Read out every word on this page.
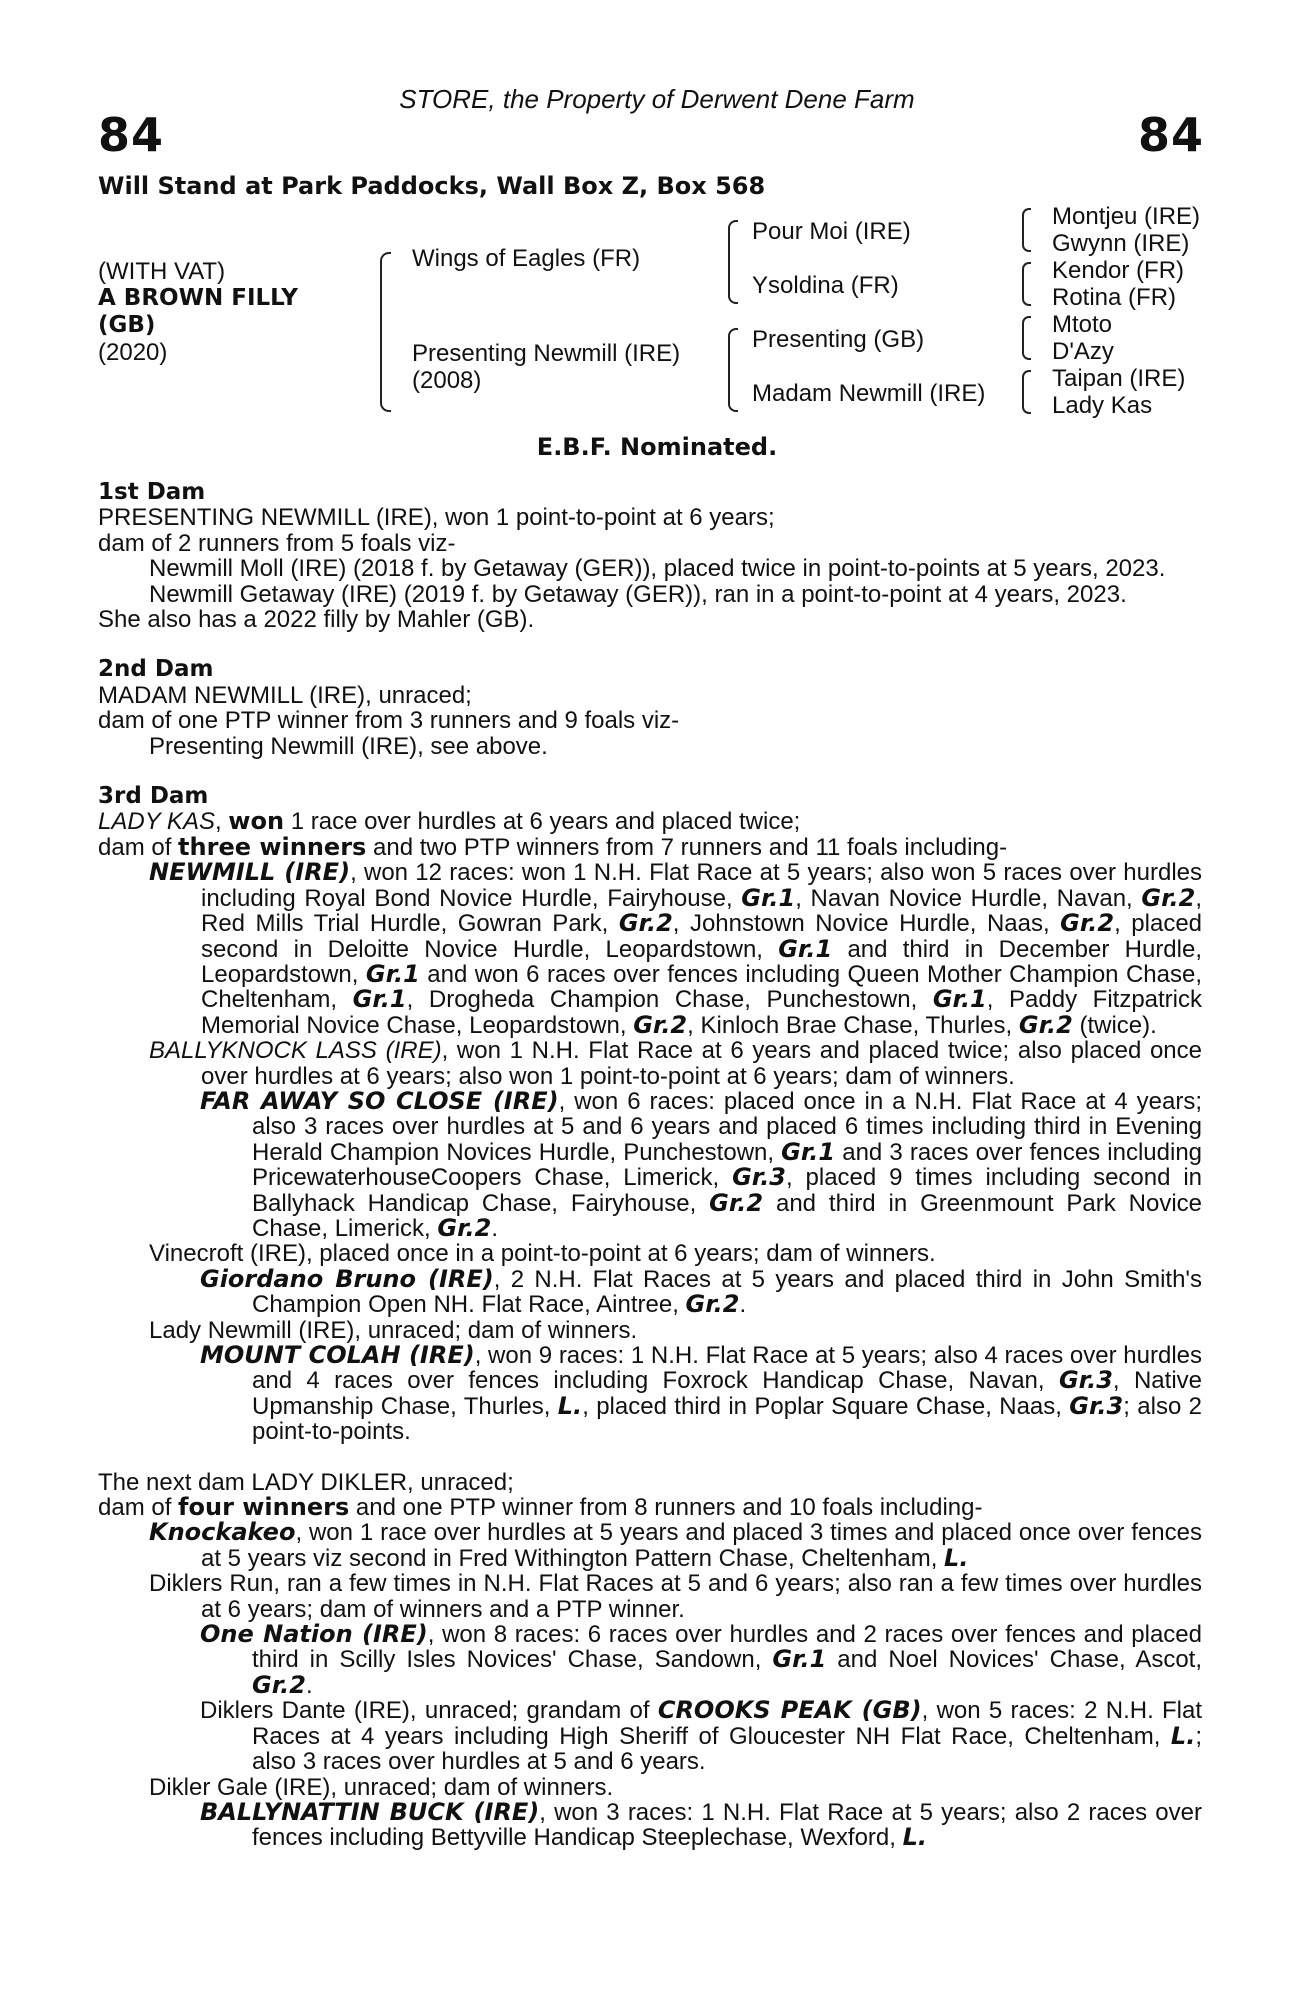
STORE, the Property of Derwent Dene Farm
84	84
Will Stand at Park Paddocks, Wall Box Z, Box 568
(WITH VAT)
A BROWN FILLY
(GB)
(2020)
Wings of Eagles (FR)
Presenting Newmill (IRE)
(2008)
Pour Moi (IRE)
Ysoldina (FR)
Presenting (GB)
Madam Newmill (IRE)
Montjeu (IRE)
Gwynn (IRE)
Kendor (FR)
Rotina (FR)
Mtoto
D'Azy
Taipan (IRE)
Lady Kas
E.B.F. Nominated.
1st Dam
PRESENTING NEWMILL (IRE), won 1 point-to-point at 6 years;
dam of 2 runners from 5 foals viz-
Newmill Moll (IRE) (2018 f. by Getaway (GER)), placed twice in point-to-points at 5 years, 2023.
Newmill Getaway (IRE) (2019 f. by Getaway (GER)), ran in a point-to-point at 4 years, 2023.
She also has a 2022 filly by Mahler (GB).
2nd Dam
MADAM NEWMILL (IRE), unraced;
dam of one PTP winner from 3 runners and 9 foals viz-
Presenting Newmill (IRE), see above.
3rd Dam
LADY KAS, won 1 race over hurdles at 6 years and placed twice;
dam of three winners and two PTP winners from 7 runners and 11 foals including-
NEWMILL (IRE), won 12 races: won 1 N.H. Flat Race at 5 years; also won 5 races over hurdles including Royal Bond Novice Hurdle, Fairyhouse, Gr.1, Navan Novice Hurdle, Navan, Gr.2, Red Mills Trial Hurdle, Gowran Park, Gr.2, Johnstown Novice Hurdle, Naas, Gr.2, placed second in Deloitte Novice Hurdle, Leopardstown, Gr.1 and third in December Hurdle, Leopardstown, Gr.1 and won 6 races over fences including Queen Mother Champion Chase, Cheltenham, Gr.1, Drogheda Champion Chase, Punchestown, Gr.1, Paddy Fitzpatrick Memorial Novice Chase, Leopardstown, Gr.2, Kinloch Brae Chase, Thurles, Gr.2 (twice).
BALLYKNOCK LASS (IRE), won 1 N.H. Flat Race at 6 years and placed twice; also placed once over hurdles at 6 years; also won 1 point-to-point at 6 years; dam of winners.
FAR AWAY SO CLOSE (IRE), won 6 races: placed once in a N.H. Flat Race at 4 years; also 3 races over hurdles at 5 and 6 years and placed 6 times including third in Evening Herald Champion Novices Hurdle, Punchestown, Gr.1 and 3 races over fences including PricewaterhouseCoopers Chase, Limerick, Gr.3, placed 9 times including second in Ballyhack Handicap Chase, Fairyhouse, Gr.2 and third in Greenmount Park Novice Chase, Limerick, Gr.2.
Vinecroft (IRE), placed once in a point-to-point at 6 years; dam of winners.
Giordano Bruno (IRE), 2 N.H. Flat Races at 5 years and placed third in John Smith's Champion Open NH. Flat Race, Aintree, Gr.2.
Lady Newmill (IRE), unraced; dam of winners.
MOUNT COLAH (IRE), won 9 races: 1 N.H. Flat Race at 5 years; also 4 races over hurdles and 4 races over fences including Foxrock Handicap Chase, Navan, Gr.3, Native Upmanship Chase, Thurles, L., placed third in Poplar Square Chase, Naas, Gr.3; also 2 point-to-points.
The next dam LADY DIKLER, unraced;
dam of four winners and one PTP winner from 8 runners and 10 foals including-
Knockakeo, won 1 race over hurdles at 5 years and placed 3 times and placed once over fences at 5 years viz second in Fred Withington Pattern Chase, Cheltenham, L.
Diklers Run, ran a few times in N.H. Flat Races at 5 and 6 years; also ran a few times over hurdles at 6 years; dam of winners and a PTP winner.
One Nation (IRE), won 8 races: 6 races over hurdles and 2 races over fences and placed third in Scilly Isles Novices' Chase, Sandown, Gr.1 and Noel Novices' Chase, Ascot, Gr.2.
Diklers Dante (IRE), unraced; grandam of CROOKS PEAK (GB), won 5 races: 2 N.H. Flat Races at 4 years including High Sheriff of Gloucester NH Flat Race, Cheltenham, L.; also 3 races over hurdles at 5 and 6 years.
Dikler Gale (IRE), unraced; dam of winners.
BALLYNATTIN BUCK (IRE), won 3 races: 1 N.H. Flat Race at 5 years; also 2 races over fences including Bettyville Handicap Steeplechase, Wexford, L.
